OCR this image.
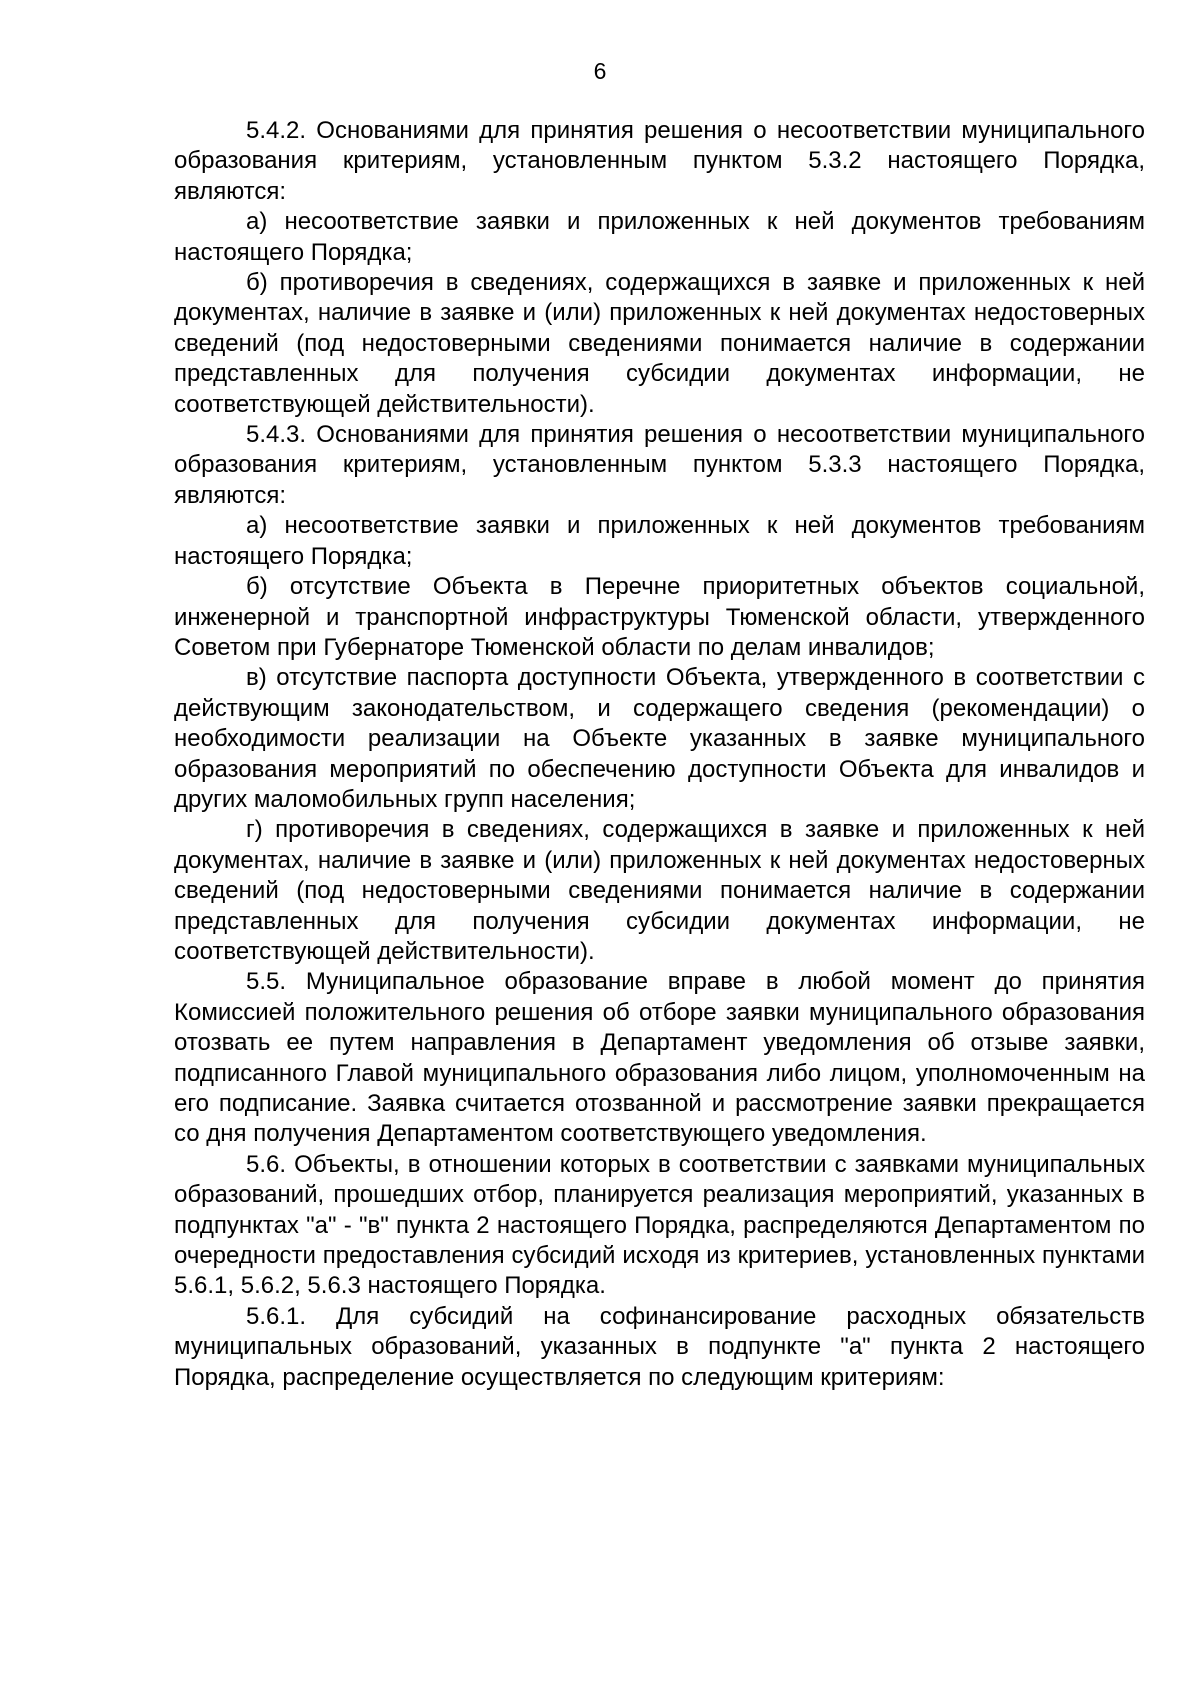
6

5.4.2. Основаниями для принятия решения о несоответствии муниципального образования критериям, установленным пунктом 5.3.2 настоящего Порядка, являются:

а) несоответствие заявки и приложенных к ней документов требованиям настоящего Порядка;

б) противоречия в сведениях, содержащихся в заявке и приложенных к ней документах, наличие в заявке и (или) приложенных к ней документах недостоверных сведений (под недостоверными сведениями понимается наличие в содержании представленных для получения субсидии документах информации, не соответствующей действительности).

5.4.3. Основаниями для принятия решения о несоответствии муниципального образования критериям, установленным пунктом 5.3.3 настоящего Порядка, являются:

а) несоответствие заявки и приложенных к ней документов требованиям настоящего Порядка;

б) отсутствие Объекта в Перечне приоритетных объектов социальной, инженерной и транспортной инфраструктуры Тюменской области, утвержденного Советом при Губернаторе Тюменской области по делам инвалидов;

в) отсутствие паспорта доступности Объекта, утвержденного в соответствии с действующим законодательством, и содержащего сведения (рекомендации) о необходимости реализации на Объекте указанных в заявке муниципального образования мероприятий по обеспечению доступности Объекта для инвалидов и других маломобильных групп населения;

г) противоречия в сведениях, содержащихся в заявке и приложенных к ней документах, наличие в заявке и (или) приложенных к ней документах недостоверных сведений (под недостоверными сведениями понимается наличие в содержании представленных для получения субсидии документах информации, не соответствующей действительности).

5.5. Муниципальное образование вправе в любой момент до принятия Комиссией положительного решения об отборе заявки муниципального образования отозвать ее путем направления в Департамент уведомления об отзыве заявки, подписанного Главой муниципального образования либо лицом, уполномоченным на его подписание. Заявка считается отозванной и рассмотрение заявки прекращается со дня получения Департаментом соответствующего уведомления.

5.6. Объекты, в отношении которых в соответствии с заявками муниципальных образований, прошедших отбор, планируется реализация мероприятий, указанных в подпунктах "а" - "в" пункта 2 настоящего Порядка, распределяются Департаментом по очередности предоставления субсидий исходя из критериев, установленных пунктами 5.6.1, 5.6.2, 5.6.3 настоящего Порядка.

5.6.1. Для субсидий на софинансирование расходных обязательств муниципальных образований, указанных в подпункте "а" пункта 2 настоящего Порядка, распределение осуществляется по следующим критериям:
